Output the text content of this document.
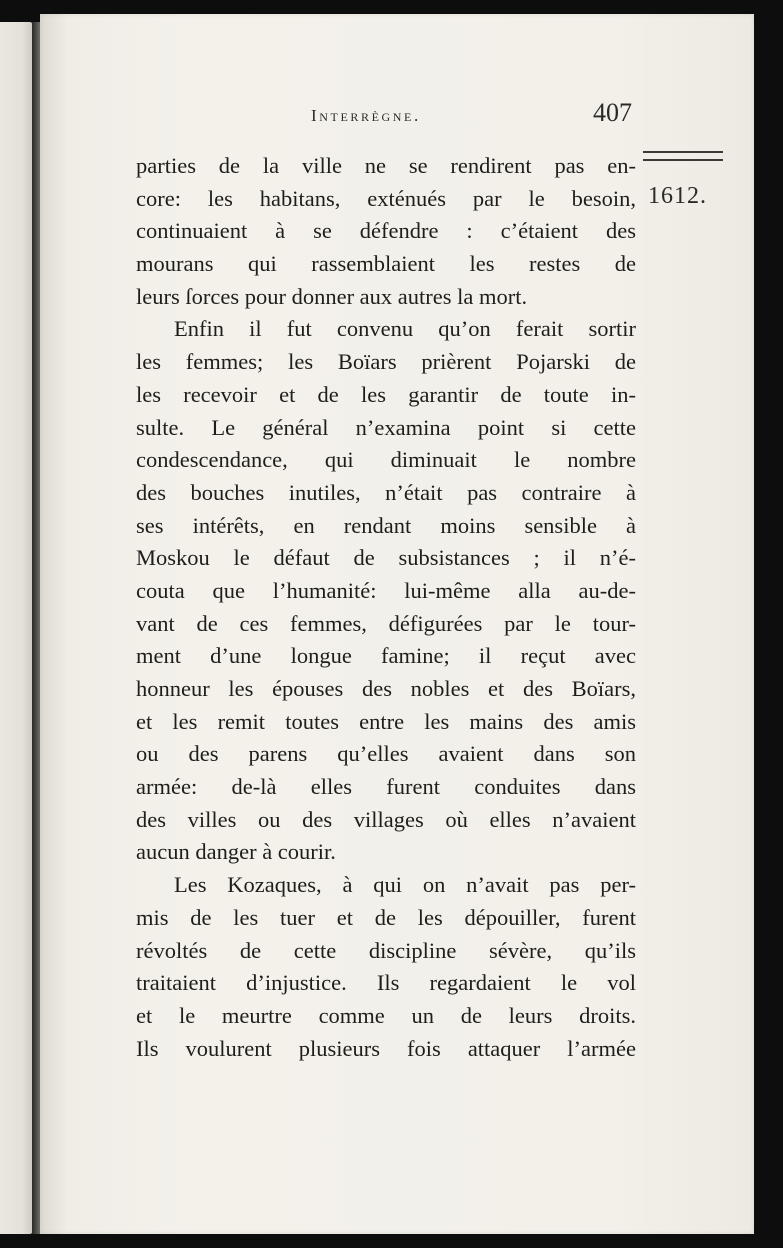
Interrègne.	407
1612.
parties de la ville ne se rendirent pas en-
core: les habitans, exténués par le besoin,
continuaient à se défendre : c’étaient des
mourans qui rassemblaient les restes de
leurs ſorces pour donner aux autres la mort.
Enfin il fut convenu qu’on ferait sortir
les femmes; les Boïars prièrent Pojarski de
les recevoir et de les garantir de toute in-
sulte. Le général n’examina point si cette
condescendance, qui diminuait le nombre
des bouches inutiles, n’était pas contraire à
ses intérêts, en rendant moins sensible à
Moskou le défaut de subsistances ; il n’é-
couta que l’humanité: lui-même alla au-de-
vant de ces femmes, défigurées par le tour-
ment d’une longue famine; il reçut avec
honneur les épouses des nobles et des Boïars,
et les remit toutes entre les mains des amis
ou des parens qu’elles avaient dans son
armée: de-là elles furent conduites dans
des villes ou des villages où elles n’avaient
aucun danger à courir.
Les Kozaques, à qui on n’avait pas per-
mis de les tuer et de les dépouiller, furent
révoltés de cette discipline sévère, qu’ils
traitaient d’injustice. Ils regardaient le vol
et le meurtre comme un de leurs droits.
Ils voulurent plusieurs fois attaquer l’armée
